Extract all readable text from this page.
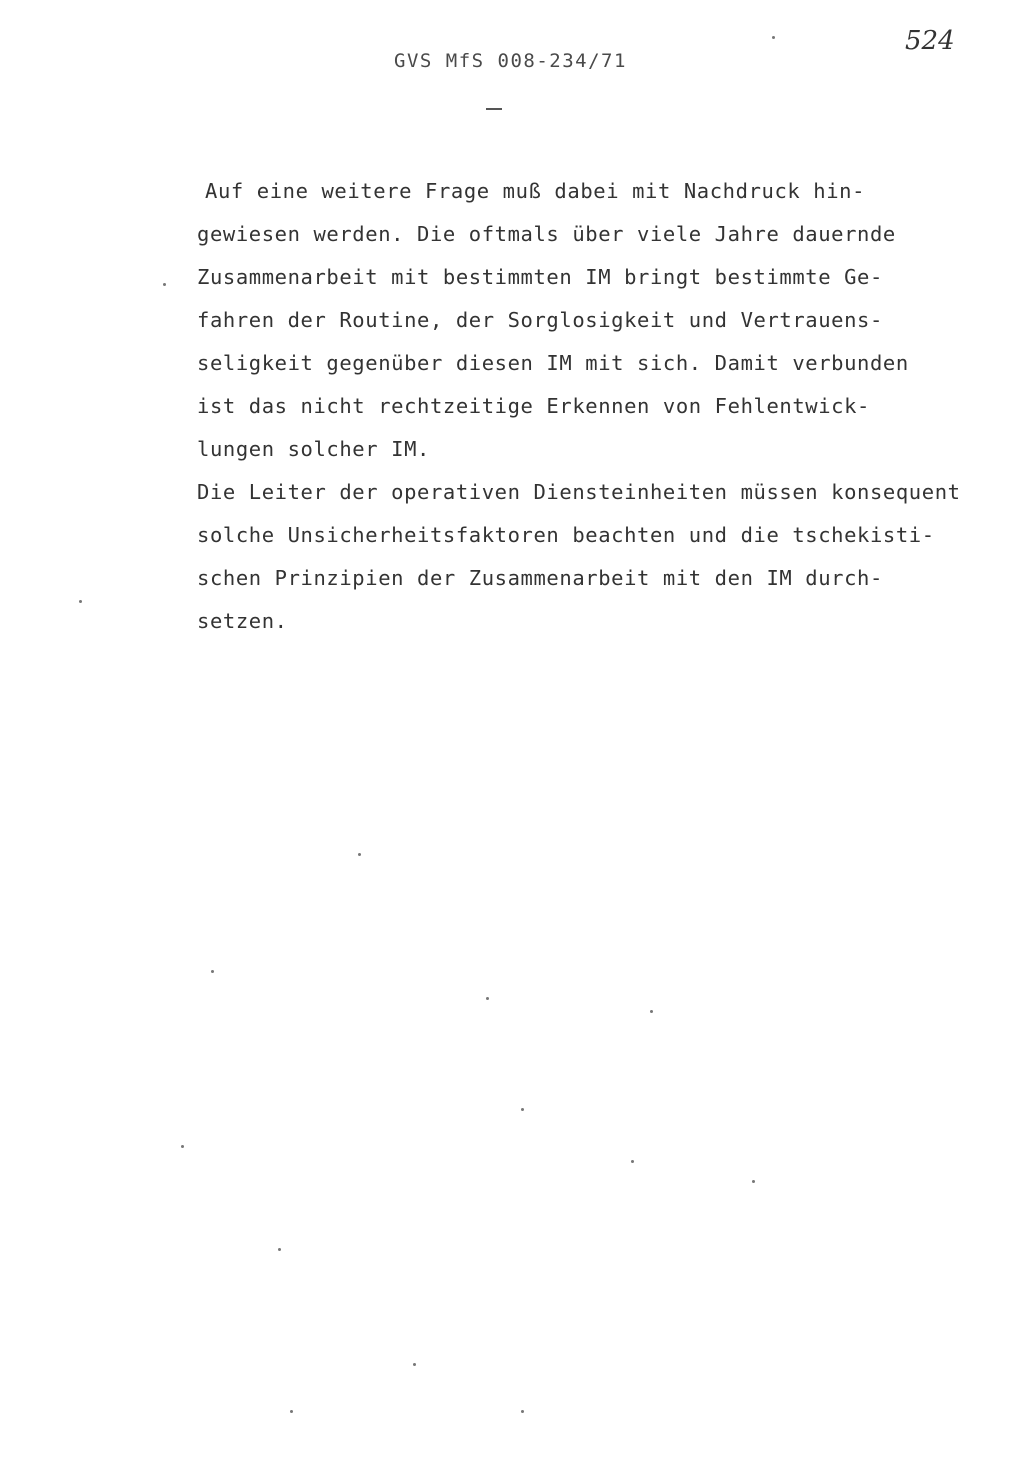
524
GVS MfS 008-234/71
Auf eine weitere Frage muß dabei mit Nachdruck hin-
gewiesen werden. Die oftmals über viele Jahre dauernde
Zusammenarbeit mit bestimmten IM bringt bestimmte Ge-
fahren der Routine, der Sorglosigkeit und Vertrauens-
seligkeit gegenüber diesen IM mit sich. Damit verbunden
ist das nicht rechtzeitige Erkennen von Fehlentwick-
lungen solcher IM.
Die Leiter der operativen Diensteinheiten müssen konsequent
solche Unsicherheitsfaktoren beachten und die tschekisti-
schen Prinzipien der Zusammenarbeit mit den IM durch-
setzen.
